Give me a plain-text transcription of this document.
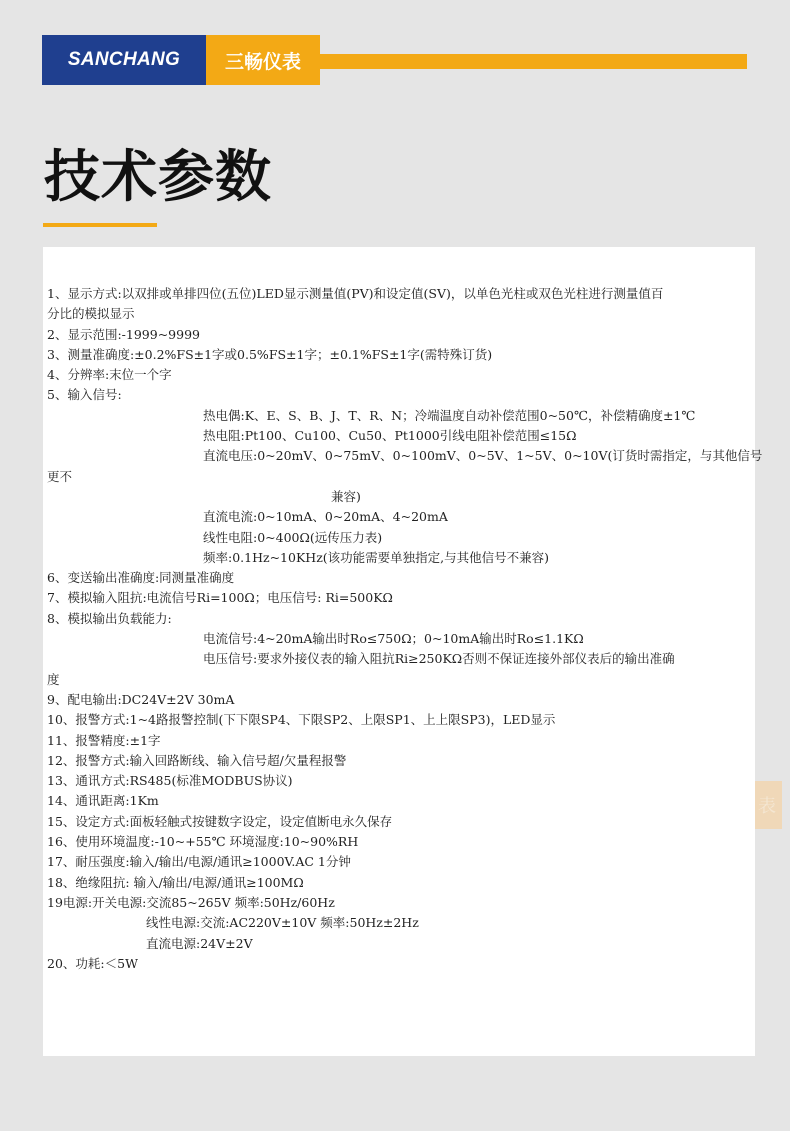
SANCHANG	三畅仪表
技术参数
表

1、显示方式:以双排或单排四位(五位)LED显示测量值(PV)和设定值(SV)，以单色光柱或双色光柱进行测量值百

分比的模拟显示

2、显示范围:-1999~9999

3、测量准确度:±0.2%FS±1字或0.5%FS±1字；±0.1%FS±1字(需特殊订货)

4、分辨率:末位一个字

5、输入信号:

热电偶:K、E、S、B、J、T、R、N；冷端温度自动补偿范围0~50℃，补偿精确度±1℃

热电阻:Pt100、Cu100、Cu50、Pt1000引线电阻补偿范围≤15Ω

直流电压:0~20mV、0~75mV、0~100mV、0~5V、1~5V、0~10V(订货时需指定，与其他信号

更不

兼容)

直流电流:0~10mA、0~20mA、4~20mA

线性电阻:0~400Ω(远传压力表)

频率:0.1Hz~10KHz(该功能需要单独指定,与其他信号不兼容)

6、变送输出准确度:同测量准确度

7、模拟输入阻抗:电流信号Ri=100Ω；电压信号: Ri=500KΩ

8、模拟输出负载能力:

电流信号:4~20mA输出时Ro≤750Ω；0~10mA输出时Ro≤1.1KΩ

电压信号:要求外接仪表的输入阻抗Ri≥250KΩ否则不保证连接外部仪表后的输出准确

度

9、配电输出:DC24V±2V 30mA

10、报警方式:1~4路报警控制(下下限SP4、下限SP2、上限SP1、上上限SP3)，LED显示

11、报警精度:±1字

12、报警方式:输入回路断线、输入信号超/欠量程报警

13、通讯方式:RS485(标准MODBUS协议)

14、通讯距离:1Km

15、设定方式:面板轻触式按键数字设定，设定值断电永久保存

16、使用环境温度:-10~+55℃ 环境湿度:10~90%RH

17、耐压强度:输入/输出/电源/通讯≥1000V.AC 1分钟

18、绝缘阻抗: 输入/输出/电源/通讯≥100MΩ

19电源:开关电源:交流85~265V 频率:50Hz/60Hz

线性电源:交流:AC220V±10V 频率:50Hz±2Hz

直流电源:24V±2V

20、功耗:＜5W
